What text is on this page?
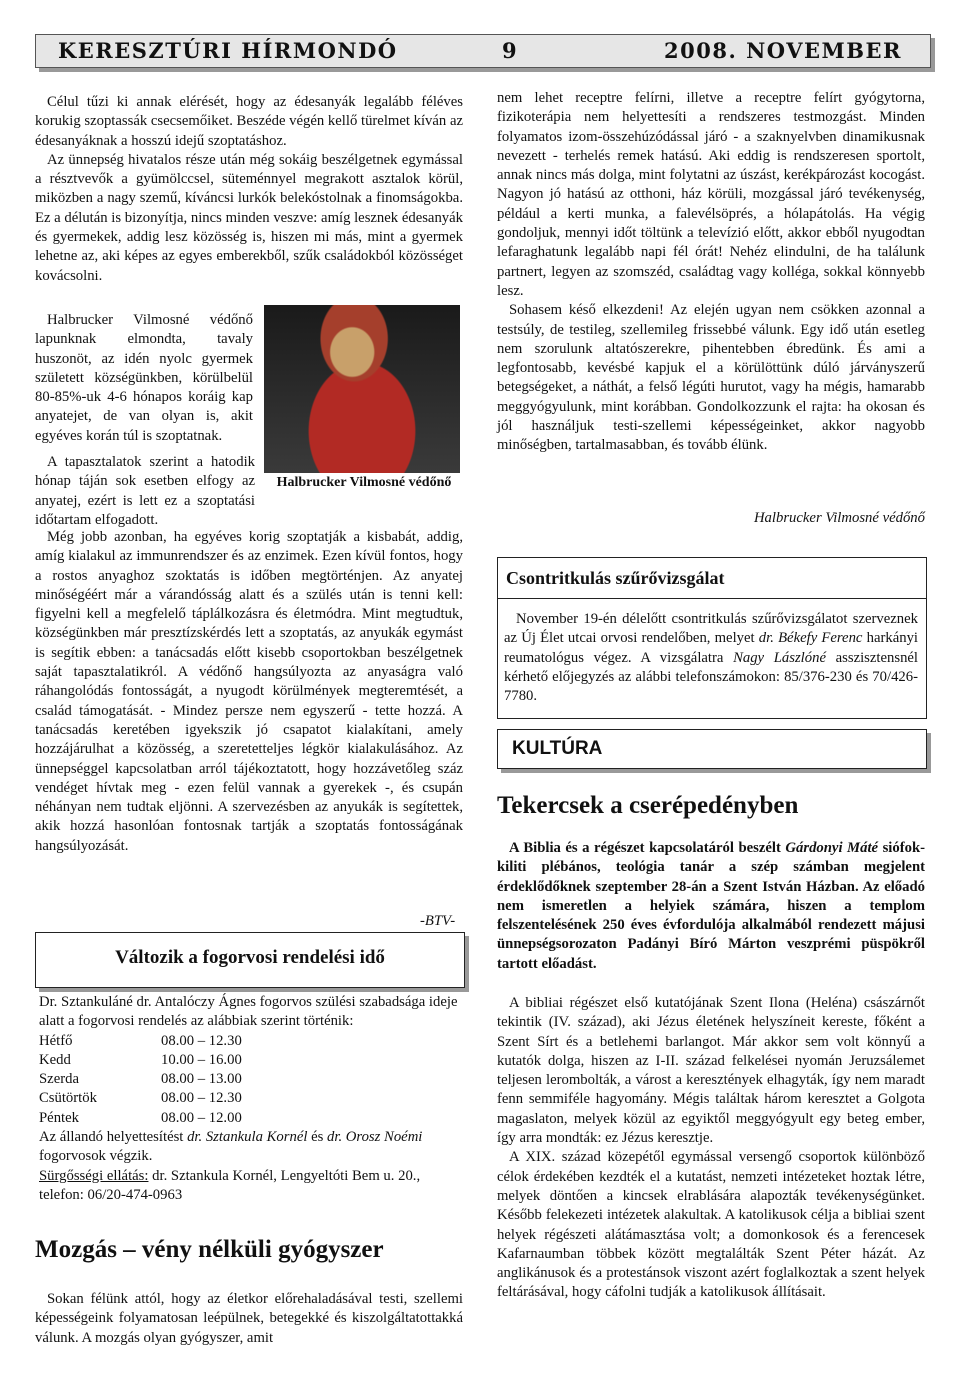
KERESZTÚRI HÍRMONDÓ	9	2008. NOVEMBER

Célul tűzi ki annak elérését, hogy az édesanyák legalább féléves korukig szoptassák csecsemőiket. Beszéde végén kellő türelmet kíván az édesanyáknak a hosszú idejű szoptatáshoz.

Az ünnepség hivatalos része után még sokáig beszélgetnek egymással a résztvevők a gyümölccsel, süteménnyel megrakott asztalok körül, miközben a nagy szemű, kíváncsi lurkók belekóstolnak a finomságokba. Ez a délután is bizonyítja, nincs minden veszve: amíg lesznek édesanyák és gyermekek, addig lesz közösség is, hiszen mi más, mint a gyermek lehetne az, aki képes az egyes emberekből, szűk családokból közösséget kovácsolni.

Halbrucker Vilmosné védőnő lapunknak elmondta, tavaly huszonöt, az idén nyolc gyermek született községünkben, körülbelül 80-85%-uk 4-6 hónapos koráig kap anyatejet, de van olyan is, akit egyéves korán túl is szoptatnak.

A tapasztalatok szerint a hatodik hónap táján sok esetben elfogy az anyatej, ezért is lett ez a szoptatási időtartam elfogadott.

Halbrucker Vilmosné védőnő

Még jobb azonban, ha egyéves korig szoptatják a kisbabát, addig, amíg kialakul az immunrendszer és az enzimek. Ezen kívül fontos, hogy a rostos anyaghoz szoktatás is időben megtörténjen. Az anyatej minőségéért már a várandósság alatt és a szülés után is tenni kell: figyelni kell a megfelelő táplálkozásra és életmódra. Mint megtudtuk, községünkben már presztízskérdés lett a szoptatás, az anyukák egymást is segítik ebben: a tanácsadás előtt kisebb csoportokban beszélgetnek saját tapasztalatikról. A védőnő hangsúlyozta az anyaságra való ráhangolódás fontosságát, a nyugodt körülmények megteremtését, a család támogatását. - Mindez persze nem egyszerű - tette hozzá. A tanácsadás keretében igyekszik jó csapatot kialakítani, amely hozzájárulhat a közösség, a szeretetteljes légkör kialakulásához. Az ünnepséggel kapcsolatban arról tájékoztatott, hogy hozzávetőleg száz vendéget hívtak meg - ezen felül vannak a gyerekek -, és csupán néhányan nem tudtak eljönni. A szervezésben az anyukák is segítettek, akik hozzá hasonlóan fontosnak tartják a szoptatás fontosságának hangsúlyozását.

-BTV-
Változik a fogorvosi rendelési idő
Dr. Sztankuláné dr. Antalóczy Ágnes fogorvos szülési szabadsága ideje alatt a fogorvosi rendelés az alábbiak szerint történik:
Hétfő	08.00 – 12.30
Kedd	10.00 – 16.00
Szerda	08.00 – 13.00
Csütörtök	08.00 – 12.30
Péntek	08.00 – 12.00
Az állandó helyettesítést dr. Sztankula Kornél és dr. Orosz Noémi fogorvosok végzik.
Sürgősségi ellátás: dr. Sztankula Kornél, Lengyeltóti Bem u. 20., telefon: 06/20-474-0963
Mozgás – vény nélküli gyógyszer

Sokan félünk attól, hogy az életkor előrehaladásával testi, szellemi képességeink folyamatosan leépülnek, betegekké és kiszolgáltatottakká válunk. A mozgás olyan gyógyszer, amit

nem lehet receptre felírni, illetve a receptre felírt gyógytorna, fizikoterápia nem helyettesíti a rendszeres testmozgást. Minden folyamatos izom-összehúzódással járó - a szaknyelvben dinamikusnak nevezett - terhelés remek hatású. Aki eddig is rendszeresen sportolt, annak nincs más dolga, mint folytatni az úszást, kerékpározást kocogást. Nagyon jó hatású az otthoni, ház körüli, mozgással járó tevékenység, például a kerti munka, a falevélsöprés, a hólapátolás. Ha végig gondoljuk, mennyi időt töltünk a televízió előtt, akkor ebből nyugodtan lefaraghatunk legalább napi fél órát! Nehéz elindulni, de ha találunk partnert, legyen az szomszéd, családtag vagy kolléga, sokkal könnyebb lesz.

Sohasem késő elkezdeni! Az elején ugyan nem csökken azonnal a testsúly, de testileg, szellemileg frissebbé válunk. Egy idő után esetleg nem szorulunk altatószerekre, pihentebben ébredünk. És ami a legfontosabb, kevésbé kapjuk el a körülöttünk dúló járványszerű betegségeket, a náthát, a felső légúti hurutot, vagy ha mégis, hamarabb meggyógyulunk, mint korábban. Gondolkozzunk el rajta: ha okosan és jól használjuk testi-szellemi képességeinket, akkor nagyobb minőségben, tartalmasabban, és tovább élünk.

Halbrucker Vilmosné védőnő
Csontritkulás szűrővizsgálat

November 19-én délelőtt csontritkulás szűrővizsgálatot szerveznek az Új Élet utcai orvosi rendelőben, melyet dr. Békefy Ferenc harkányi reumatológus végez. A vizsgálatra Nagy Lászlóné asszisztensnél kérhető előjegyzés az alábbi telefonszámokon: 85/376-230 és 70/426-7780.

KULTÚRA
Tekercsek a cserépedényben

A Biblia és a régészet kapcsolatáról beszélt Gárdonyi Máté siófok-kiliti plébános, teológia tanár a szép számban megjelent érdeklődőknek szeptember 28-án a Szent István Házban. Az előadó nem ismeretlen a helyiek számára, hiszen a templom felszentelésének 250 éves évfordulója alkalmából rendezett májusi ünnepségsorozaton Padányi Bíró Márton veszprémi püspökről tartott előadást.

A bibliai régészet első kutatójának Szent Ilona (Heléna) császárnőt tekintik (IV. század), aki Jézus életének helyszíneit kereste, főként a Szent Sírt és a betlehemi barlangot. Már akkor sem volt könnyű a kutatók dolga, hiszen az I-II. század felkelései nyomán Jeruzsálemet teljesen lerombolták, a várost a keresztények elhagyták, így nem maradt fenn semmiféle hagyomány. Mégis találtak három keresztet a Golgota magaslaton, melyek közül az egyiktől meggyógyult egy beteg ember, így arra mondták: ez Jézus keresztje.

A XIX. század közepétől egymással versengő csoportok különböző célok érdekében kezdték el a kutatást, nemzeti intézeteket hoztak létre, melyek döntően a kincsek elrablására alapozták tevékenységünket. Később felekezeti intézetek alakultak. A katolikusok célja a bibliai szent helyek régészeti alátámasztása volt; a domonkosok és a ferencesek Kafarnaumban többek között megtalálták Szent Péter házát. Az anglikánusok és a protestánsok viszont azért foglalkoztak a szent helyek feltárásával, hogy cáfolni tudják a katolikusok állításait.
